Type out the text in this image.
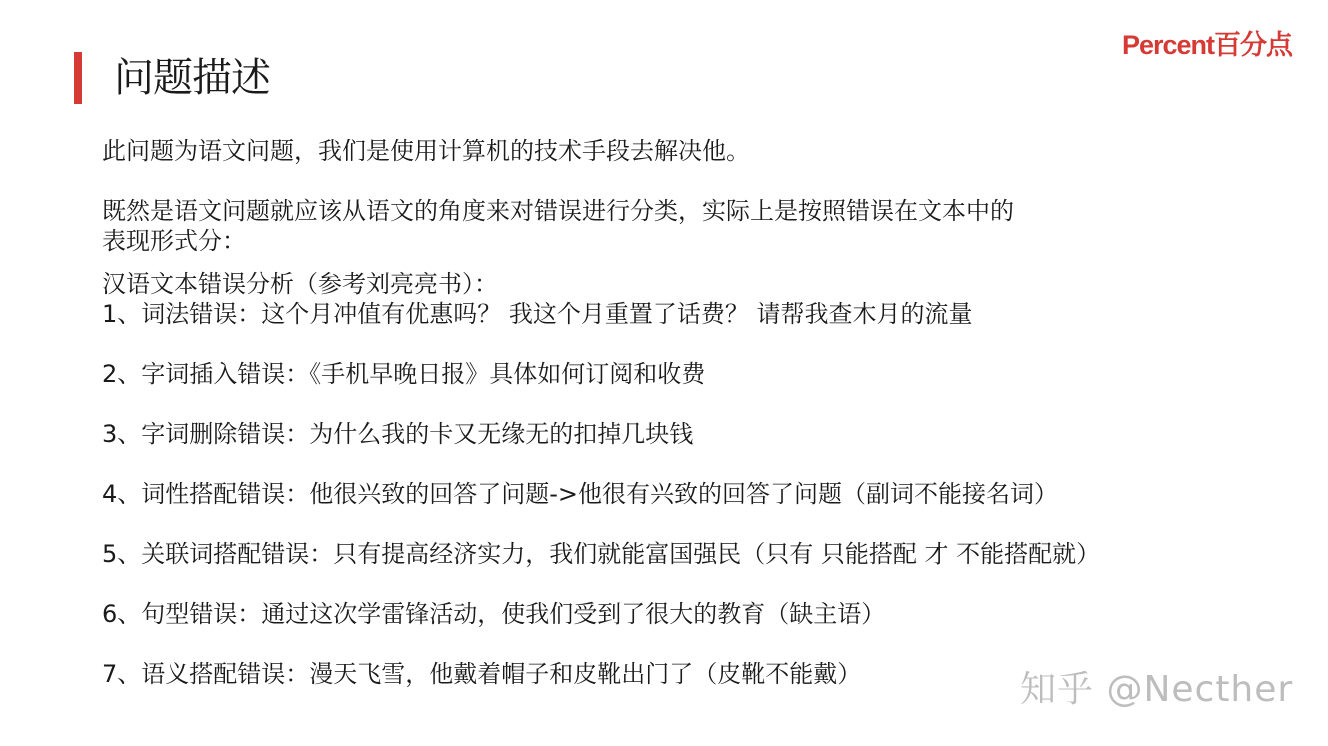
问题描述
Percent百分点
此问题为语文问题，我们是使用计算机的技术手段去解决他。
既然是语文问题就应该从语文的角度来对错误进行分类，实际上是按照错误在文本中的
表现形式分：
汉语文本错误分析（参考刘亮亮书）：
1、词法错误：这个月冲值有优惠吗？ 我这个月重置了话费？ 请帮我查木月的流量
2、字词插入错误：《手机早晚日报》具体如何订阅和收费
3、字词删除错误：为什么我的卡又无缘无的扣掉几块钱
4、词性搭配错误：他很兴致的回答了问题->他很有兴致的回答了问题（副词不能接名词）
5、关联词搭配错误：只有提高经济实力，我们就能富国强民（只有 只能搭配 才 不能搭配就）
6、句型错误：通过这次学雷锋活动，使我们受到了很大的教育（缺主语）
7、语义搭配错误：漫天飞雪，他戴着帽子和皮靴出门了（皮靴不能戴）	知乎 @Necther
